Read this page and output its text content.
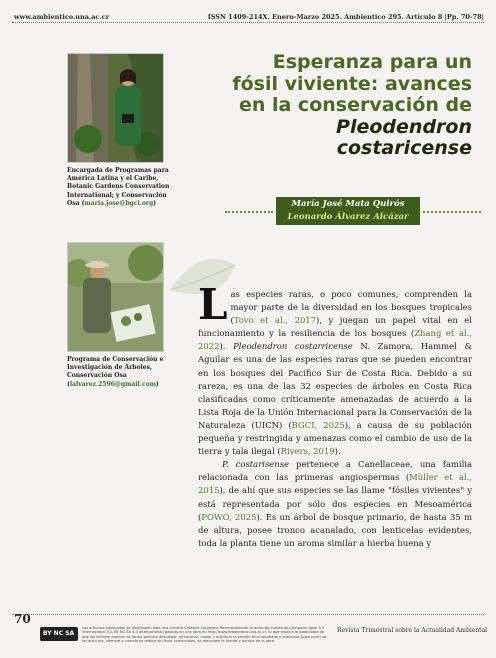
www.ambientico.una.ac.cr	ISSN 1409-214X. Enero-Marzo 2025. Ambientico 295. Artículo 8 |Pp. 70-78|
Encargada de Programas para América Latina y el Caribe, Botanic Gardens Conservation International; y Conservación Osa (maria.jose@bgci.org)
Programa de Conservación e Investigación de Árboles, Conservación Osa (lalvarez.2596@gmail.com)
Esperanza para un
fósil viviente: avances
en la conservación de
Pleodendron costaricense
María José Mata Quirós
Leonardo Álvarez Alcázar

Las especies raras, o poco comunes, comprenden la mayor parte de la diversidad en los bosques tropicales (Tovo et al., 2017), y juegan un papel vital en el funcionamiento y la resiliencia de los bosques (Zhang et al., 2022). Pleodendron costarricense N. Zamora, Hammel & Aguilar es una de las especies raras que se pueden encontrar en los bosques del Pacífico Sur de Costa Rica. Debido a su rareza, es una de las 32 especies de árboles en Costa Rica clasificadas como críticamente amenazadas de acuerdo a la Lista Roja de la Unión Internacional para la Conservación de la Naturaleza (UICN) (BGCI, 2025), a causa de su población pequeña y restringida y amenazas como el cambio de uso de la tierra y tala ilegal (Rivers, 2019).

P. costarisense pertenece a Canellaceae, una familia relacionada con las primeras angiospermas (Müller et al., 2015), de ahí que sus especies se las llame "fósiles vivientes" y está representada por sólo dos especies en Mesoamérica (POWO, 2025). Es un árbol de bosque primario, de hasta 35 m de altura, posee tronco acanalado, con lenticelas evidentes, toda la planta tiene un aroma similar a hierba buena y

70
BY NC SA
Los artículos publicados se distribuyen bajo una licencia Creative Commons Reconocimiento al autor-No comercial-Compartir igual 4.0 Internacional (CC BY NC SA 4.0 Internacional) basada en una obra en http://www.ambientico.una.ac.cr, lo que implica la posibilidad de que los lectores puedan de forma gratuita descargar, almacenar, copiar y distribuir la versión final aprobada y publicada (post print) de los artículos, siempre y cuando se realice sin fines comerciales, se mencione la fuente y autoría de la obra.
Revista Trimestral sobre la Actualidad Ambiental
